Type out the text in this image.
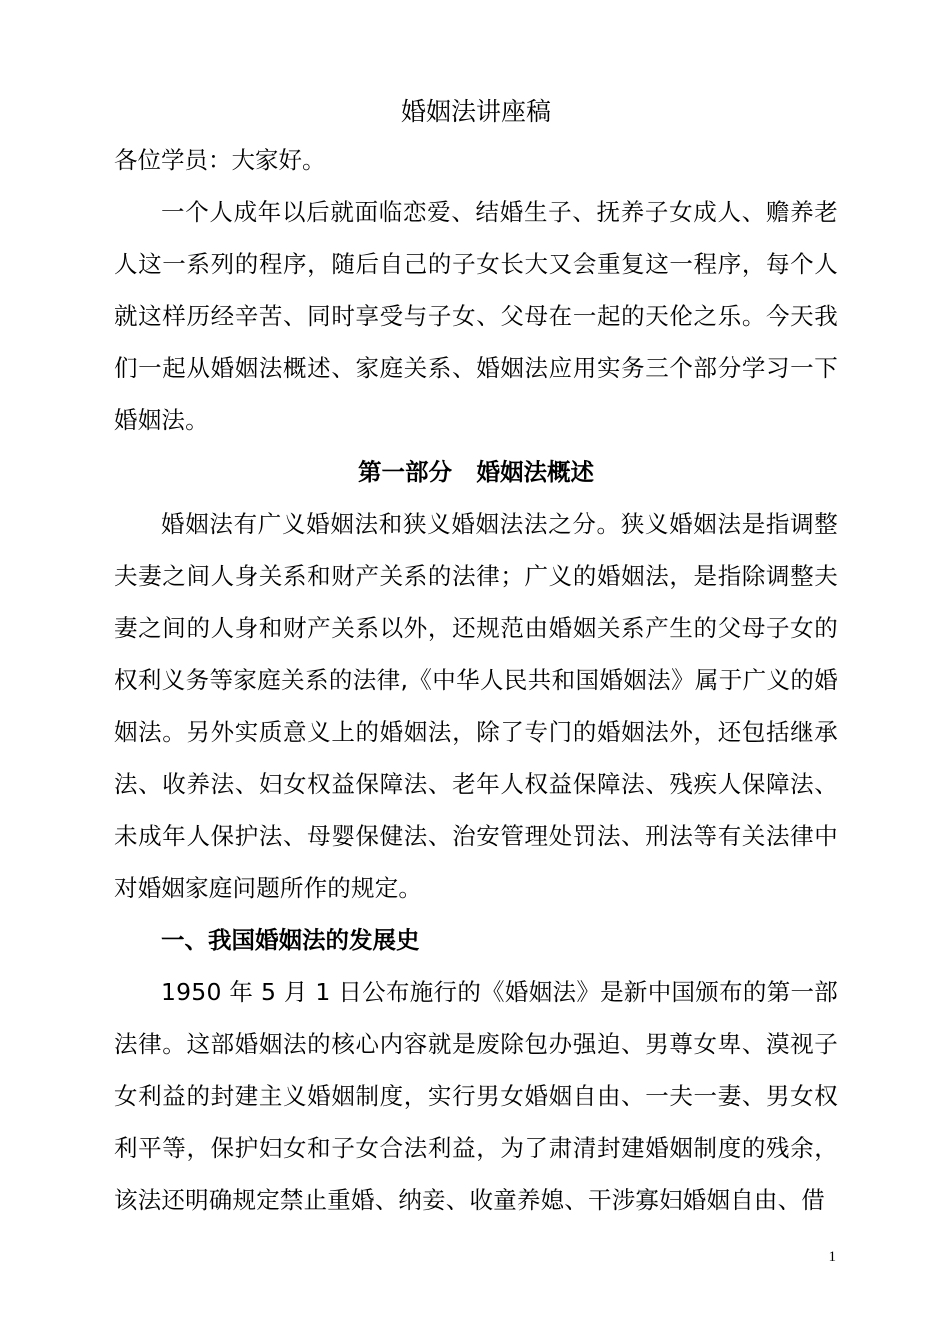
婚姻法讲座稿

各位学员：大家好。

一个人成年以后就面临恋爱、结婚生子、抚养子女成人、赡养老人这一系列的程序，随后自己的子女长大又会重复这一程序，每个人就这样历经辛苦、同时享受与子女、父母在一起的天伦之乐。今天我们一起从婚姻法概述、家庭关系、婚姻法应用实务三个部分学习一下婚姻法。

第一部分   婚姻法概述

婚姻法有广义婚姻法和狭义婚姻法法之分。狭义婚姻法是指调整夫妻之间人身关系和财产关系的法律；广义的婚姻法，是指除调整夫妻之间的人身和财产关系以外，还规范由婚姻关系产生的父母子女的权利义务等家庭关系的法律,《中华人民共和国婚姻法》属于广义的婚姻法。另外实质意义上的婚姻法，除了专门的婚姻法外，还包括继承法、收养法、妇女权益保障法、老年人权益保障法、残疾人保障法、未成年人保护法、母婴保健法、治安管理处罚法、刑法等有关法律中对婚姻家庭问题所作的规定。

一、我国婚姻法的发展史

1950 年 5 月 1 日公布施行的《婚姻法》是新中国颁布的第一部法律。这部婚姻法的核心内容就是废除包办强迫、男尊女卑、漠视子女利益的封建主义婚姻制度，实行男女婚姻自由、一夫一妻、男女权利平等，保护妇女和子女合法利益，为了肃清封建婚姻制度的残余，该法还明确规定禁止重婚、纳妾、收童养媳、干涉寡妇婚姻自由、借

1
